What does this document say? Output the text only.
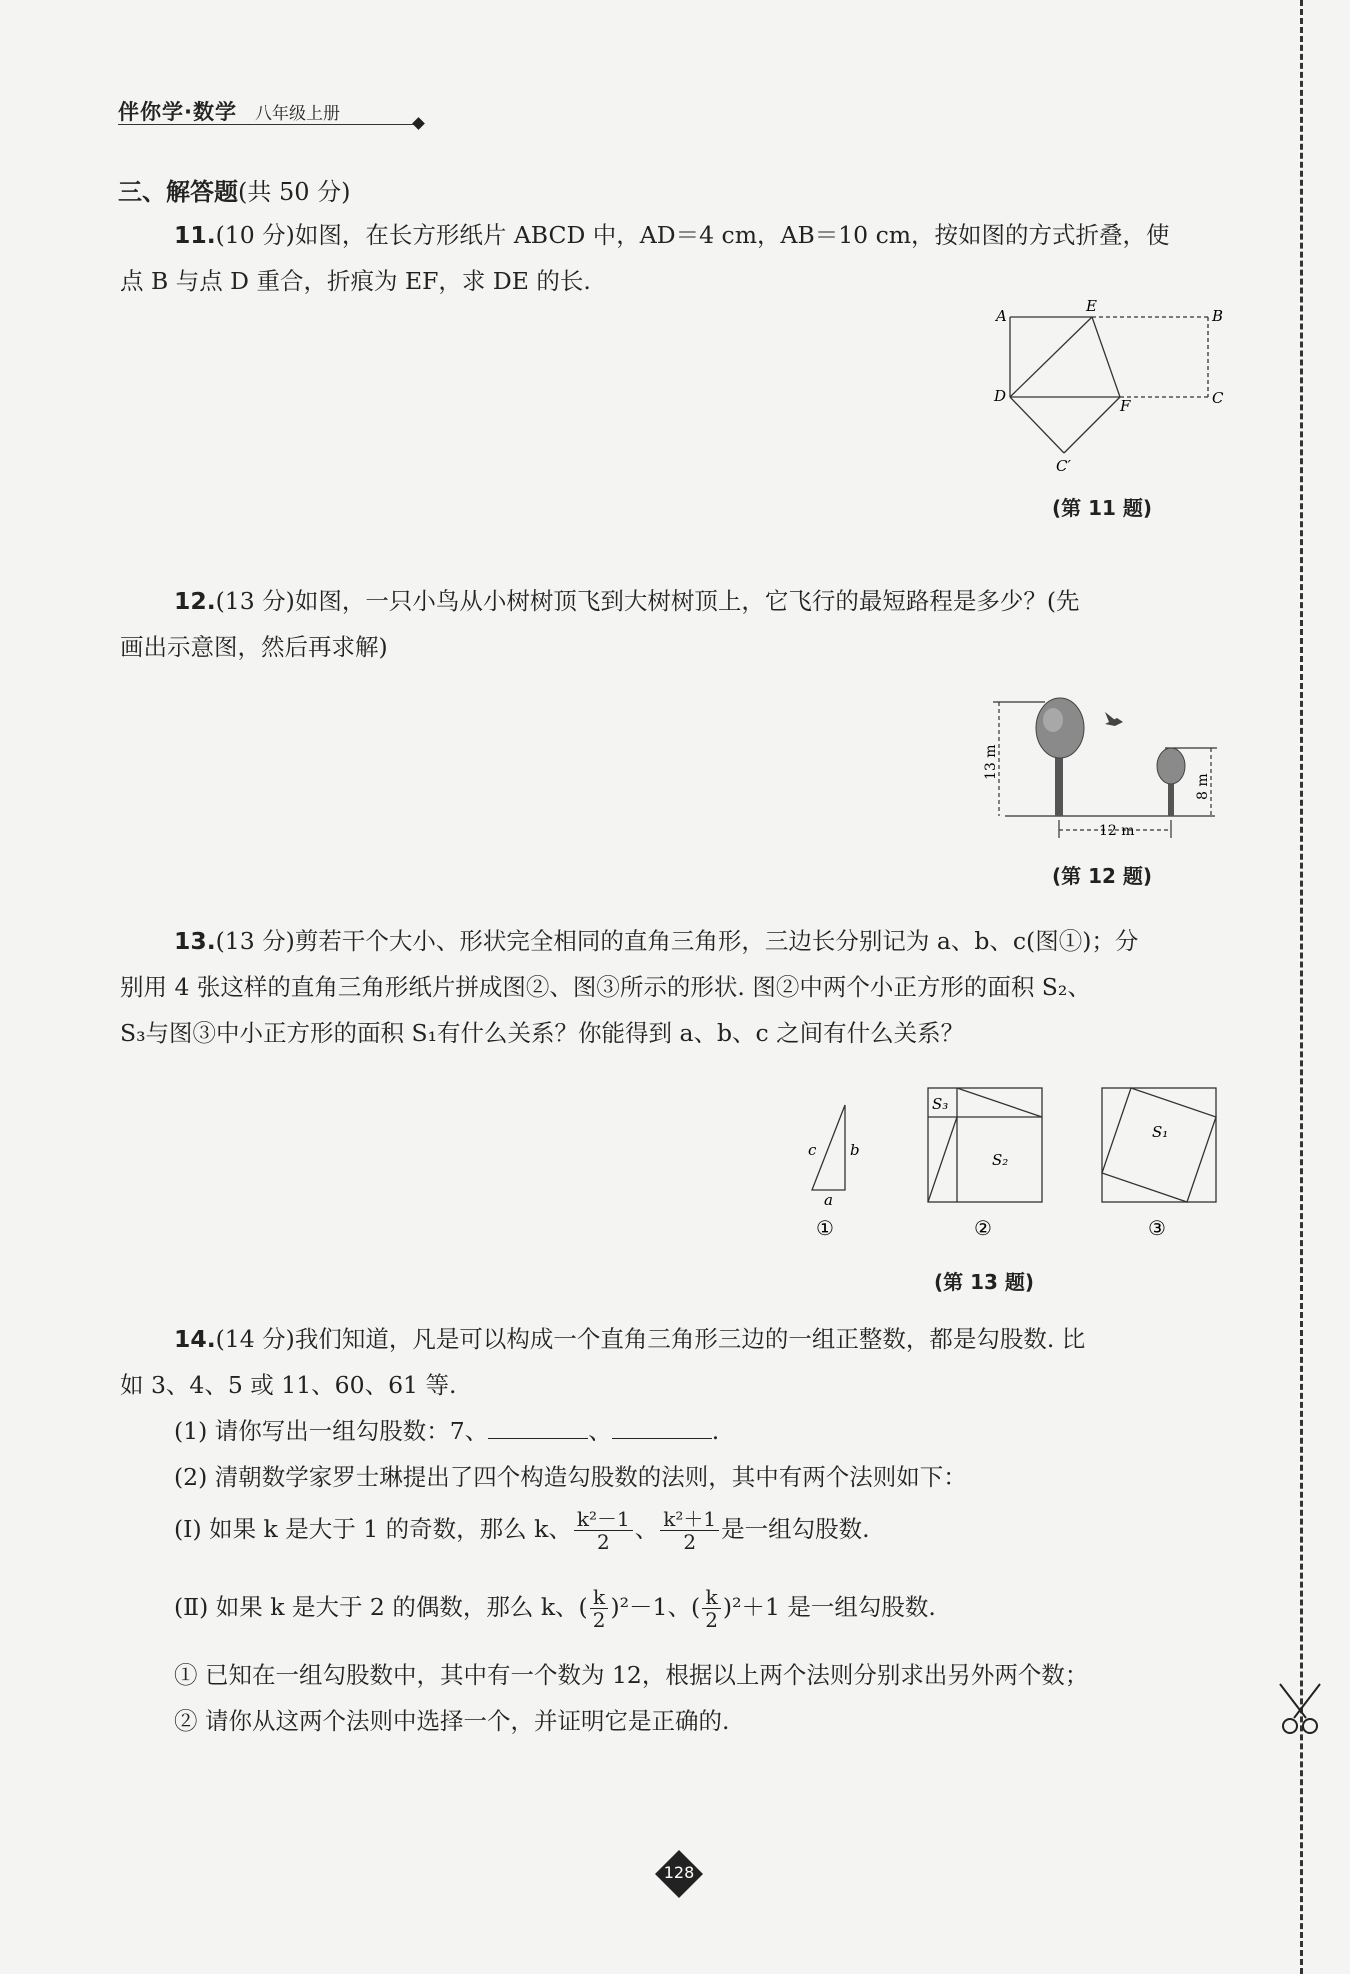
伴你学·数学 八年级上册
三、解答题(共 50 分)
11.(10 分)如图，在长方形纸片 ABCD 中，AD＝4 cm，AB＝10 cm，按如图的方式折叠，使
点 B 与点 D 重合，折痕为 EF，求 DE 的长.
A
E
B
D
F	C
C′
(第 11 题)
12.(13 分)如图，一只小鸟从小树树顶飞到大树树顶上，它飞行的最短路程是多少？(先
画出示意图，然后再求解)
13 m
8 m
12 m
(第 12 题)
13.(13 分)剪若干个大小、形状完全相同的直角三角形，三边长分别记为 a、b、c(图①)；分
别用 4 张这样的直角三角形纸片拼成图②、图③所示的形状. 图②中两个小正方形的面积 S₂、
S₃与图③中小正方形的面积 S₁有什么关系？你能得到 a、b、c 之间有什么关系？
c b
a
S₃
S₂
S₁
①	②	③
(第 13 题)
14.(14 分)我们知道，凡是可以构成一个直角三角形三边的一组正整数，都是勾股数. 比
如 3、4、5 或 11、60、61 等.
(1) 请你写出一组勾股数：7、	、	.
(2) 清朝数学家罗士琳提出了四个构造勾股数的法则，其中有两个法则如下：
(Ⅰ) 如果 k 是大于 1 的奇数，那么 k、 $\frac{\text{k²－1}}{2}$ 、 $\frac{\text{k²＋1}}{2}$ 是一组勾股数.
(Ⅱ) 如果 k 是大于 2 的偶数，那么 k、( $\frac{k}{2} )^2-1$、( $\frac{k}{2} )^2+1$ 是一组勾股数.
① 已知在一组勾股数中，其中有一个数为 12，根据以上两个法则分别求出另外两个数；
② 请你从这两个法则中选择一个，并证明它是正确的.
128
